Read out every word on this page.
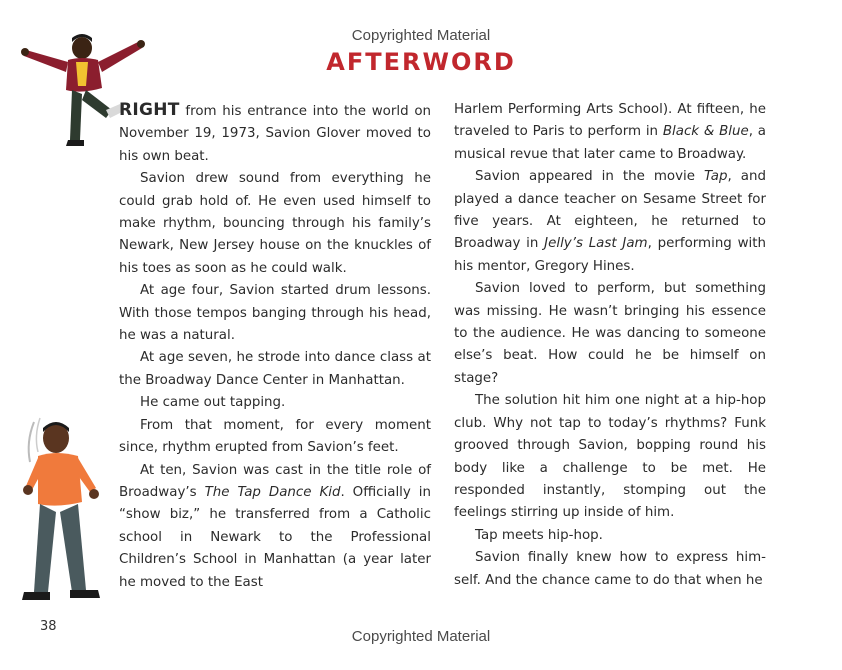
Copyrighted Material
AFTERWORD

RIGHT from his entrance into the world on November 19, 1973, Savion Glover moved to his own beat.

Savion drew sound from everything he could grab hold of. He even used himself to make rhythm, bouncing through his family’s Newark, New Jersey house on the knuckles of his toes as soon as he could walk.

At age four, Savion started drum lessons. With those tempos banging through his head, he was a natural.

At age seven, he strode into dance class at the Broadway Dance Center in Manhattan.

He came out tapping.

From that moment, for every moment since, rhythm erupted from Savion’s feet.

At ten, Savion was cast in the title role of Broadway’s The Tap Dance Kid. Officially in “show biz,” he transferred from a Catholic school in Newark to the Professional Children’s School in Manhattan (a year later he moved to the East

Harlem Performing Arts School). At fifteen, he traveled to Paris to perform in Black & Blue, a musical revue that later came to Broadway.

Savion appeared in the movie Tap, and played a dance teacher on Sesame Street for five years. At eighteen, he returned to Broadway in Jelly’s Last Jam, performing with his mentor, Gregory Hines.

Savion loved to perform, but something was missing. He wasn’t bringing his essence to the audience. He was dancing to someone else’s beat. How could he be himself on stage?

The solution hit him one night at a hip-hop club. Why not tap to today’s rhythms? Funk grooved through Savion, bopping round his body like a challenge to be met. He responded instantly, stomping out the feelings stirring up inside of him.

Tap meets hip-hop.

Savion finally knew how to express him-self. And the chance came to do that when he

38
Copyrighted Material
